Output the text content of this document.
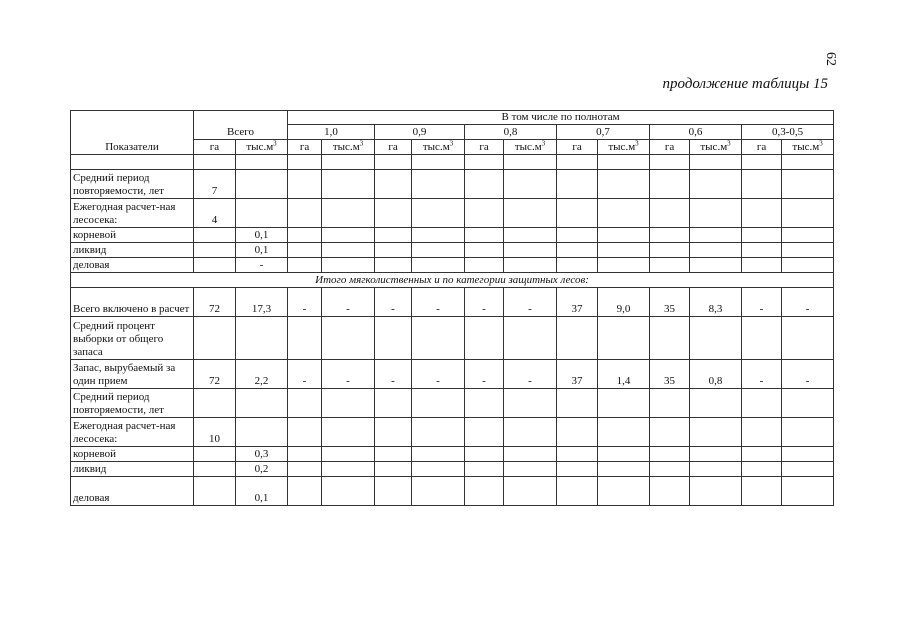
62
продолжение таблицы 15
Показатели	Всего		В том числе по полнотам											
			1,0		0,9		0,8		0,7		0,6		0,3-0,5	
	га	$тыс.м^3$	га	$тыс.м^3$	га	$тыс.м^3$	га	$тыс.м^3$	га	$тыс.м^3$	га	$тыс.м^3$	га	$тыс.м^3$

Средний период повторяемости, лет	7													
Ежегодная расчет-ная лесосека:	4													
корневой		0,1												
ликвид		0,1												
деловая		-												
Итого мягколиственных и по категории защитных лесов:														
Всего включено в расчет	72	17,3	-	-	-	-	-	-	37	9,0	35	8,3	-	-
Средний процент выборки от общего запаса														
Запас, вырубаемый за один прием	72	2,2	-	-	-	-	-	-	37	1,4	35	0,8	-	-
Средний период повторяемости, лет														
Ежегодная расчет-ная лесосека:	10													
корневой		0,3												
ликвид		0,2												
деловая		0,1												
